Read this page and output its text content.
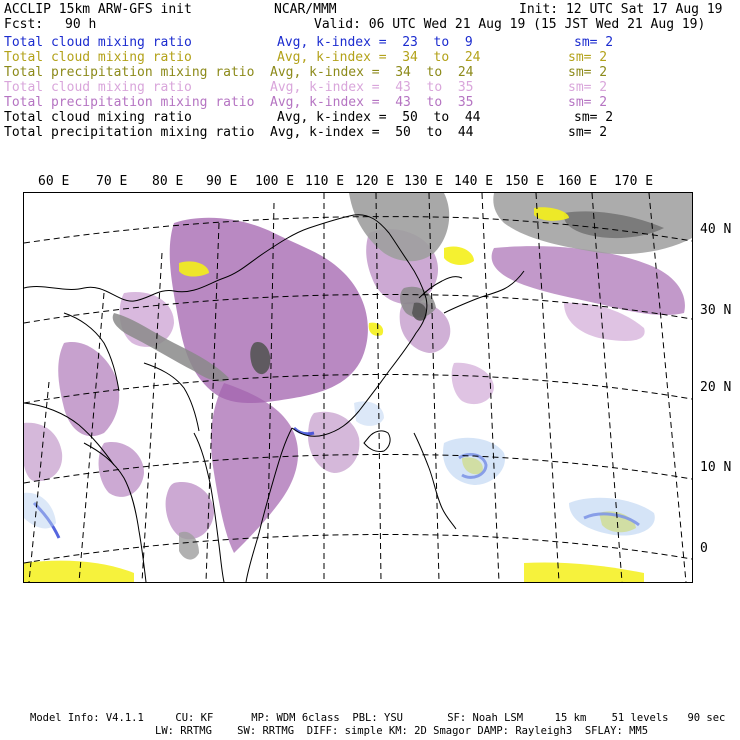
ACCLIP 15km ARW-GFS init	NCAR/MMM	Init: 12 UTC Sat 17 Aug 19
Fcst: 90 h	Valid: 06 UTC Wed 21 Aug 19 (15 JST Wed 21 Aug 19)
Total cloud mixing ratio	Avg, k-index = 23 to 9	sm= 2
Total cloud mixing ratio	Avg, k-index = 34 to 24	sm= 2
Total precipitation mixing ratio Avg, k-index = 34 to 24	sm= 2
Total cloud mixing ratio	Avg, k-index = 43 to 35	sm= 2
Total precipitation mixing ratio Avg, k-index = 43 to 35	sm= 2
Total cloud mixing ratio	Avg, k-index = 50 to 44	sm= 2
Total precipitation mixing ratio Avg, k-index = 50 to 44	sm= 2
60 E 70 E 80 E 90 E 100 E 110 E 120 E 130 E 140 E 150 E 160 E 170 E
40 N
30 N
20 N
10 N
0
Model Info: V4.1.1     CU: KF      MP: WDM 6class  PBL: YSU       SF: Noah LSM     15 km    51 levels   90 sec
LW: RRTMG    SW: RRTMG  DIFF: simple KM: 2D Smagor DAMP: Rayleigh3  SFLAY: MM5
